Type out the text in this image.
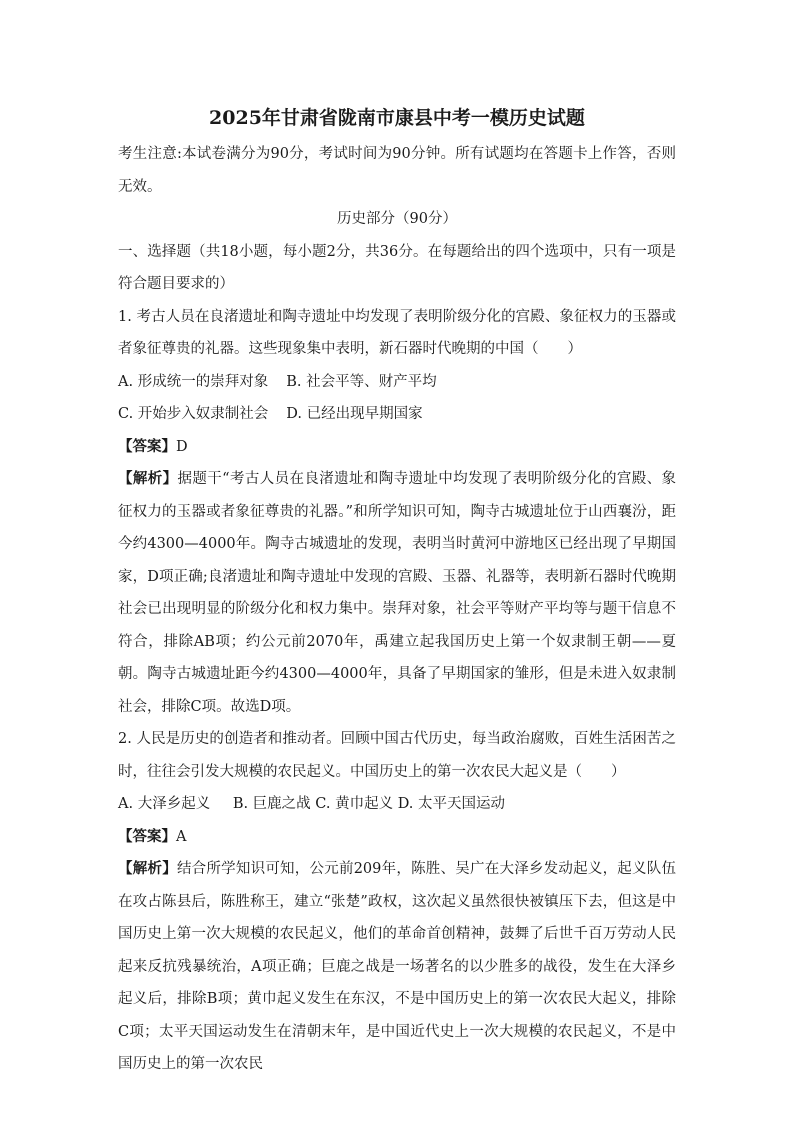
2025年甘肃省陇南市康县中考一模历史试题

考生注意:本试卷满分为90分，考试时间为90分钟。所有试题均在答题卡上作答，否则无效。

历史部分（90分）

一、选择题（共18小题，每小题2分，共36分。在每题给出的四个选项中，只有一项是符合题目要求的）

1. 考古人员在良渚遗址和陶寺遗址中均发现了表明阶级分化的宫殿、象征权力的玉器或者象征尊贵的礼器。这些现象集中表明，新石器时代晚期的中国（　　）

A. 形成统一的崇拜对象 B. 社会平等、财产平均

C. 开始步入奴隶制社会 D. 已经出现早期国家

【答案】D

【解析】据题干“考古人员在良渚遗址和陶寺遗址中均发现了表明阶级分化的宫殿、象征权力的玉器或者象征尊贵的礼器。”和所学知识可知，陶寺古城遗址位于山西襄汾，距今约4300—4000年。陶寺古城遗址的发现，表明当时黄河中游地区已经出现了早期国家，D项正确;良渚遗址和陶寺遗址中发现的宫殿、玉器、礼器等，表明新石器时代晚期社会已出现明显的阶级分化和权力集中。崇拜对象，社会平等财产平均等与题干信息不符合，排除AB项；约公元前2070年，禹建立起我国历史上第一个奴隶制王朝——夏朝。陶寺古城遗址距今约4300—4000年，具备了早期国家的雏形，但是未进入奴隶制社会，排除C项。故选D项。

2. 人民是历史的创造者和推动者。回顾中国古代历史，每当政治腐败，百姓生活困苦之时，往往会引发大规模的农民起义。中国历史上的第一次农民大起义是（　　）

A. 大泽乡起义 B. 巨鹿之战 C. 黄巾起义 D. 太平天国运动

【答案】A

【解析】结合所学知识可知，公元前209年，陈胜、吴广在大泽乡发动起义，起义队伍在攻占陈县后，陈胜称王，建立“张楚”政权，这次起义虽然很快被镇压下去，但这是中国历史上第一次大规模的农民起义，他们的革命首创精神，鼓舞了后世千百万劳动人民起来反抗残暴统治，A项正确；巨鹿之战是一场著名的以少胜多的战役，发生在大泽乡起义后，排除B项；黄巾起义发生在东汉，不是中国历史上的第一次农民大起义，排除C项；太平天国运动发生在清朝末年，是中国近代史上一次大规模的农民起义，不是中国历史上的第一次农民
